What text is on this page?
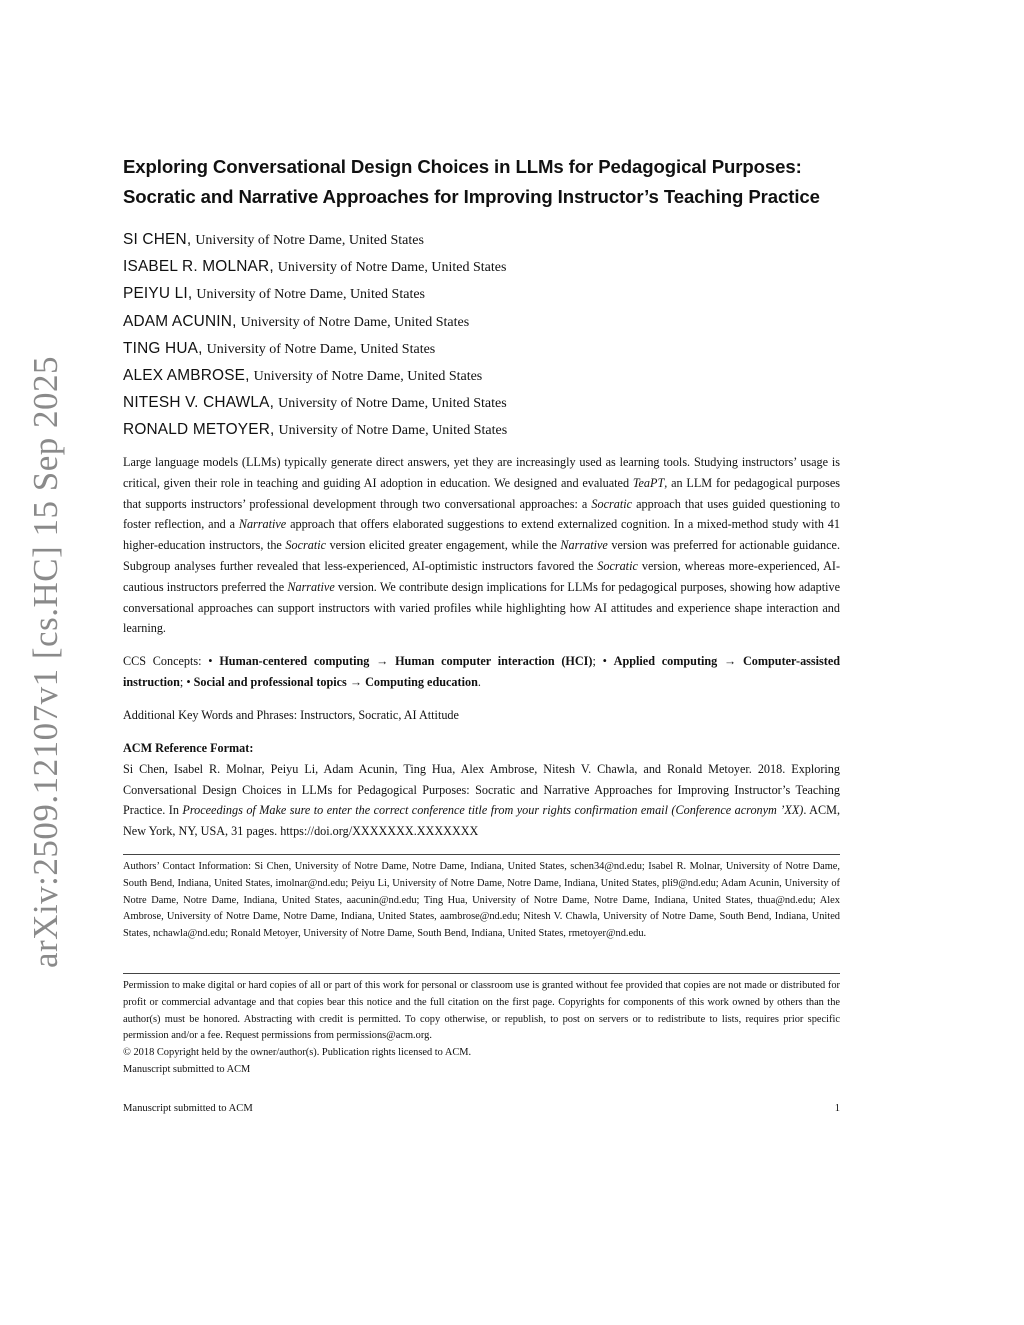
arXiv:2509.12107v1 [cs.HC] 15 Sep 2025
Exploring Conversational Design Choices in LLMs for Pedagogical Purposes:
Socratic and Narrative Approaches for Improving Instructor’s Teaching Practice
SI CHEN, University of Notre Dame, United States
ISABEL R. MOLNAR, University of Notre Dame, United States
PEIYU LI, University of Notre Dame, United States
ADAM ACUNIN, University of Notre Dame, United States
TING HUA, University of Notre Dame, United States
ALEX AMBROSE, University of Notre Dame, United States
NITESH V. CHAWLA, University of Notre Dame, United States
RONALD METOYER, University of Notre Dame, United States
Large language models (LLMs) typically generate direct answers, yet they are increasingly used as learning tools. Studying instructors’ usage is critical, given their role in teaching and guiding AI adoption in education. We designed and evaluated TeaPT, an LLM for pedagogical purposes that supports instructors’ professional development through two conversational approaches: a Socratic approach that uses guided questioning to foster reflection, and a Narrative approach that offers elaborated suggestions to extend externalized cognition. In a mixed-method study with 41 higher-education instructors, the Socratic version elicited greater engagement, while the Narrative version was preferred for actionable guidance. Subgroup analyses further revealed that less-experienced, AI-optimistic instructors favored the Socratic version, whereas more-experienced, AI-cautious instructors preferred the Narrative version. We contribute design implications for LLMs for pedagogical purposes, showing how adaptive conversational approaches can support instructors with varied profiles while highlighting how AI attitudes and experience shape interaction and learning.
CCS Concepts: • Human-centered computing → Human computer interaction (HCI); • Applied computing → Computer-assisted instruction; • Social and professional topics → Computing education.
Additional Key Words and Phrases: Instructors, Socratic, AI Attitude
ACM Reference Format:
Si Chen, Isabel R. Molnar, Peiyu Li, Adam Acunin, Ting Hua, Alex Ambrose, Nitesh V. Chawla, and Ronald Metoyer. 2018. Exploring Conversational Design Choices in LLMs for Pedagogical Purposes: Socratic and Narrative Approaches for Improving Instructor’s Teaching Practice. In Proceedings of Make sure to enter the correct conference title from your rights confirmation email (Conference acronym ’XX). ACM, New York, NY, USA, 31 pages. https://doi.org/XXXXXXX.XXXXXXX
Authors’ Contact Information: Si Chen, University of Notre Dame, Notre Dame, Indiana, United States, schen34@nd.edu; Isabel R. Molnar, University of Notre Dame, South Bend, Indiana, United States, imolnar@nd.edu; Peiyu Li, University of Notre Dame, Notre Dame, Indiana, United States, pli9@nd.edu; Adam Acunin, University of Notre Dame, Notre Dame, Indiana, United States, aacunin@nd.edu; Ting Hua, University of Notre Dame, Notre Dame, Indiana, United States, thua@nd.edu; Alex Ambrose, University of Notre Dame, Notre Dame, Indiana, United States, aambrose@nd.edu; Nitesh V. Chawla, University of Notre Dame, South Bend, Indiana, United States, nchawla@nd.edu; Ronald Metoyer, University of Notre Dame, South Bend, Indiana, United States, rmetoyer@nd.edu.
Permission to make digital or hard copies of all or part of this work for personal or classroom use is granted without fee provided that copies are not made or distributed for profit or commercial advantage and that copies bear this notice and the full citation on the first page. Copyrights for components of this work owned by others than the author(s) must be honored. Abstracting with credit is permitted. To copy otherwise, or republish, to post on servers or to redistribute to lists, requires prior specific permission and/or a fee. Request permissions from permissions@acm.org.
© 2018 Copyright held by the owner/author(s). Publication rights licensed to ACM.
Manuscript submitted to ACM
Manuscript submitted to ACM	1
